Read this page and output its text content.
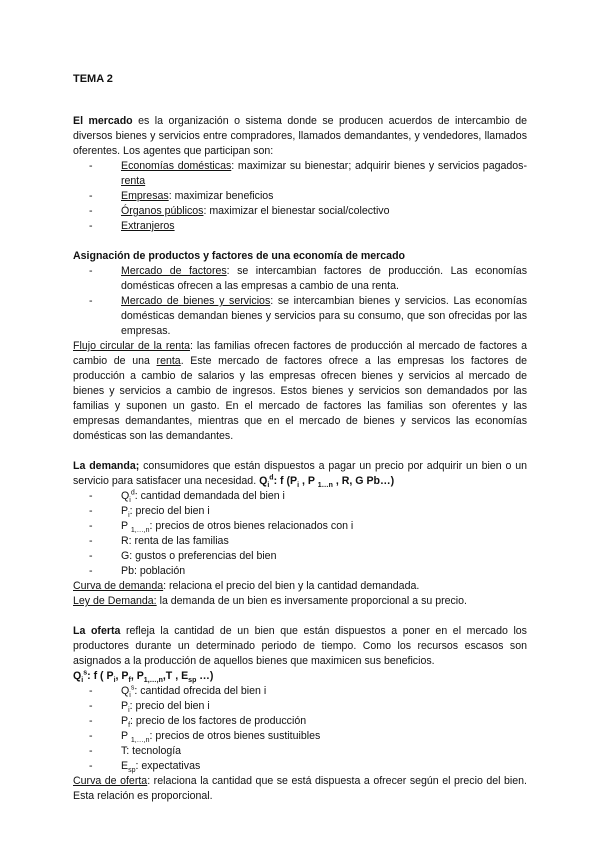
TEMA 2

El mercado es la organización o sistema donde se producen acuerdos de intercambio de diversos bienes y servicios entre compradores, llamados demandantes, y vendedores, llamados oferentes. Los agentes que participan son:

- Economías domésticas: maximizar su bienestar; adquirir bienes y servicios pagados-renta
- Empresas: maximizar beneficios
- Órganos públicos: maximizar el bienestar social/colectivo
- Extranjeros

Asignación de productos y factores de una economía de mercado

- Mercado de factores: se intercambian factores de producción. Las economías domésticas ofrecen a las empresas a cambio de una renta.
- Mercado de bienes y servicios: se intercambian bienes y servicios. Las economías domésticas demandan bienes y servicios para su consumo, que son ofrecidas por las empresas.

Flujo circular de la renta: las familias ofrecen factores de producción al mercado de factores a cambio de una renta. Este mercado de factores ofrece a las empresas los factores de producción a cambio de salarios y las empresas ofrecen bienes y servicios al mercado de bienes y servicios a cambio de ingresos. Estos bienes y servicios son demandados por las familias y suponen un gasto. En el mercado de factores las familias son oferentes y las empresas demandantes, mientras que en el mercado de bienes y servicos las economías domésticas son las demandantes.

La demanda; consumidores que están dispuestos a pagar un precio por adquirir un bien o un servicio para satisfacer una necesidad. $Q_i^d$: f ($P_i$ , P $_{1\dots n}$ , R, G Pb…)

- $Q_i^d$: cantidad demandada del bien i
- $P_i$: precio del bien i
- P $_{1,\dots,n}$: precios de otros bienes relacionados con i
- R: renta de las familias
- G: gustos o preferencias del bien
- Pb: población

Curva de demanda: relaciona el precio del bien y la cantidad demandada.

Ley de Demanda: la demanda de un bien es inversamente proporcional a su precio.

La oferta refleja la cantidad de un bien que están dispuestos a poner en el mercado los productores durante un determinado periodo de tiempo. Como los recursos escasos son asignados a la producción de aquellos bienes que maximicen sus beneficios.

$Q_i^s$: f ( $P_i$, $P_f$, $P_{1,\dots,n},T$ , $E_{sp}$ …)

- $Q_i^s$: cantidad ofrecida del bien i
- $P_i$: precio del bien i
- $P_f$: precio de los factores de producción
- P $_{1,\dots,n}$: precios de otros bienes sustituibles
- T: tecnología
- $E_{sp}$: expectativas

Curva de oferta: relaciona la cantidad que se está dispuesta a ofrecer según el precio del bien. Esta relación es proporcional.
